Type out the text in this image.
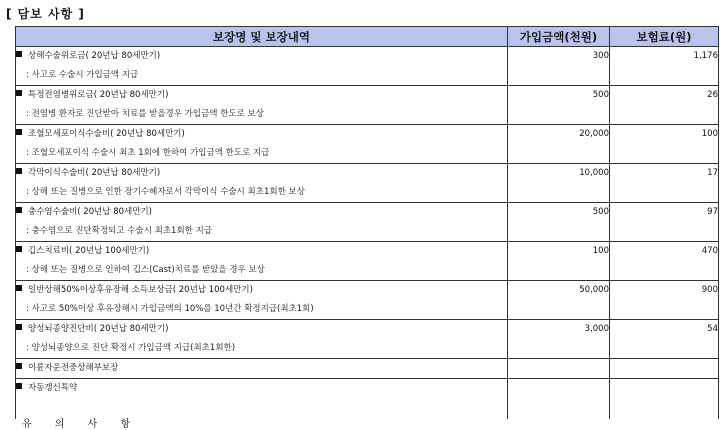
[ 담보 사항 ]
보장명 및 보장내역	가입금액(천원)	보험료(원)

상해수술위로금( 20년납 80세만기)
: 사고로 수술시 가입금액 지급	300	1,176

특정전염병위로금( 20년납 80세만기)
: 전염병 환자로 진단받아 치료를 받을경우 가입금액 한도로 보상	500	26

조혈모세포이식수술비( 20년납 80세만기)
: 조혈모세포이식 수술시 최초 1회에 한하여 가입금액 한도로 지급	20,000	100

각막이식수술비( 20년납 80세만기)
: 상해 또는 질병으로 인한 장기수혜자로서 각막이식 수술시 최초1회한 보상	10,000	17

충수염수술비( 20년납 80세만기)
: 충수염으로 진단확정되고 수술시 최초1회한 지급	500	97

깁스치료비( 20년납 100세만기)
: 상해 또는 질병으로 인하여 깁스(Cast)치료를 받았을 경우 보상	100	470

일반상해50%이상후유장해 소득보상금( 20년납 100세만기)
: 사고로 50%이상 후유장해시 가입금액의 10%를 10년간 확정지급(최초1회)	50,000	900

양성뇌종양진단비( 20년납 80세만기)
: 양성뇌종양으로 진단 확정시 가입금액 지급(최초1회한)	3,000	54

이륜자운전중상해부보장		

자동갱신특약		

유 의 사 항
